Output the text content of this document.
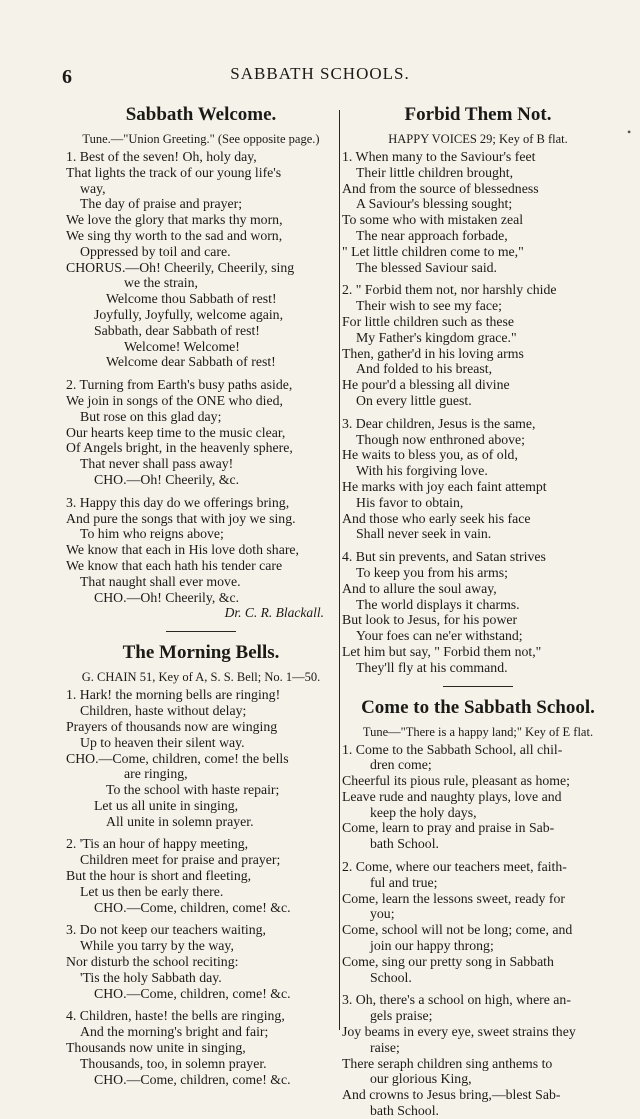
6	SABBATH SCHOOLS.
•
Sabbath Welcome.
Tune.—"Union Greeting." (See opposite page.)
1. Best of the seven! Oh, holy day,
That lights the track of our young life's
way,
The day of praise and prayer;
We love the glory that marks thy morn,
We sing thy worth to the sad and worn,
Oppressed by toil and care.
CHORUS.—Oh! Cheerily, Cheerily, sing
we the strain,
Welcome thou Sabbath of rest!
Joyfully, Joyfully, welcome again,
Sabbath, dear Sabbath of rest!
Welcome! Welcome!
Welcome dear Sabbath of rest!
2. Turning from Earth's busy paths aside,
We join in songs of the ONE who died,
But rose on this glad day;
Our hearts keep time to the music clear,
Of Angels bright, in the heavenly sphere,
That never shall pass away!
CHO.—Oh! Cheerily, &c.
3. Happy this day do we offerings bring,
And pure the songs that with joy we sing.
To him who reigns above;
We know that each in His love doth share,
We know that each hath his tender care
That naught shall ever move.
CHO.—Oh! Cheerily, &c.
Dr. C. R. Blackall.
The Morning Bells.
G. CHAIN 51, Key of A, S. S. Bell; No. 1—50.
1. Hark! the morning bells are ringing!
Children, haste without delay;
Prayers of thousands now are winging
Up to heaven their silent way.
CHO.—Come, children, come! the bells
are ringing,
To the school with haste repair;
Let us all unite in singing,
All unite in solemn prayer.
2. 'Tis an hour of happy meeting,
Children meet for praise and prayer;
But the hour is short and fleeting,
Let us then be early there.
CHO.—Come, children, come! &c.
3. Do not keep our teachers waiting,
While you tarry by the way,
Nor disturb the school reciting:
'Tis the holy Sabbath day.
CHO.—Come, children, come! &c.
4. Children, haste! the bells are ringing,
And the morning's bright and fair;
Thousands now unite in singing,
Thousands, too, in solemn prayer.
CHO.—Come, children, come! &c.
Forbid Them Not.
HAPPY VOICES 29; Key of B flat.
1. When many to the Saviour's feet
Their little children brought,
And from the source of blessedness
A Saviour's blessing sought;
To some who with mistaken zeal
The near approach forbade,
" Let little children come to me,"
The blessed Saviour said.
2. " Forbid them not, nor harshly chide
Their wish to see my face;
For little children such as these
My Father's kingdom grace."
Then, gather'd in his loving arms
And folded to his breast,
He pour'd a blessing all divine
On every little guest.
3. Dear children, Jesus is the same,
Though now enthroned above;
He waits to bless you, as of old,
With his forgiving love.
He marks with joy each faint attempt
His favor to obtain,
And those who early seek his face
Shall never seek in vain.
4. But sin prevents, and Satan strives
To keep you from his arms;
And to allure the soul away,
The world displays it charms.
But look to Jesus, for his power
Your foes can ne'er withstand;
Let him but say, " Forbid them not,"
They'll fly at his command.
Come to the Sabbath School.
Tune—"There is a happy land;" Key of E flat.
1. Come to the Sabbath School, all chil-
dren come;
Cheerful its pious rule, pleasant as home;
Leave rude and naughty plays, love and
keep the holy days,
Come, learn to pray and praise in Sab-
bath School.
2. Come, where our teachers meet, faith-
ful and true;
Come, learn the lessons sweet, ready for
you;
Come, school will not be long; come, and
join our happy throng;
Come, sing our pretty song in Sabbath
School.
3. Oh, there's a school on high, where an-
gels praise;
Joy beams in every eye, sweet strains they
raise;
There seraph children sing anthems to
our glorious King,
And crowns to Jesus bring,—blest Sab-
bath School.
